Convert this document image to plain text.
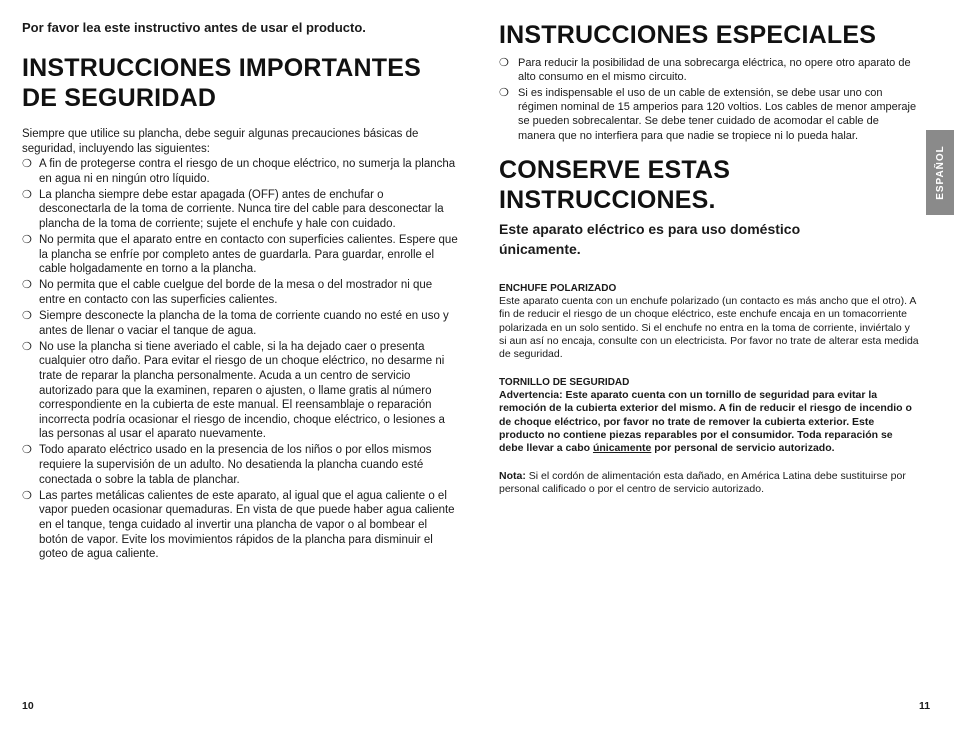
Por favor lea este instructivo antes de usar el producto.

INSTRUCCIONES IMPORTANTES
DE SEGURIDAD

Siempre que utilice su plancha, debe seguir algunas precauciones básicas de seguridad, incluyendo las siguientes:

❍ A fin de protegerse contra el riesgo de un choque eléctrico, no sumerja la plancha en agua ni en ningún otro líquido.
❍ La plancha siempre debe estar apagada (OFF) antes de enchufar o desconectarla de la toma de corriente. Nunca tire del cable para desconectar la plancha de la toma de corriente; sujete el enchufe y hale con cuidado.
❍ No permita que el aparato entre en contacto con superficies calientes. Espere que la plancha se enfríe por completo antes de guardarla. Para guardar, enrolle el cable holgadamente en torno a la plancha.
❍ No permita que el cable cuelgue del borde de la mesa o del mostrador ni que entre en contacto con las superficies calientes.
❍ Siempre desconecte la plancha de la toma de corriente cuando no esté en uso y antes de llenar o vaciar el tanque de agua.
❍ No use la plancha si tiene averiado el cable, si la ha dejado caer o presenta cualquier otro daño. Para evitar el riesgo de un choque eléctrico, no desarme ni trate de reparar la plancha personalmente. Acuda a un centro de servicio autorizado para que la examinen, reparen o ajusten, o llame gratis al número correspondiente en la cubierta de este manual. El reensamblaje o reparación incorrecta podría ocasionar el riesgo de incendio, choque eléctrico, o lesiones a las personas al usar el aparato nuevamente.
❍ Todo aparato eléctrico usado en la presencia de los niños o por ellos mismos requiere la supervisión de un adulto. No desatienda la plancha cuando esté conectada o sobre la tabla de planchar.
❍ Las partes metálicas calientes de este aparato, al igual que el agua caliente o el vapor pueden ocasionar quemaduras. En vista de que puede haber agua caliente en el tanque, tenga cuidado al invertir una plancha de vapor o al bombear el botón de vapor. Evite los movimientos rápidos de la plancha para disminuir el goteo de agua caliente.
INSTRUCCIONES ESPECIALES
❍ Para reducir la posibilidad de una sobrecarga eléctrica, no opere otro aparato de alto consumo en el mismo circuito.
❍ Si es indispensable el uso de un cable de extensión, se debe usar uno con régimen nominal de 15 amperios para 120 voltios. Los cables de menor amperaje se pueden sobrecalentar. Se debe tener cuidado de acomodar el cable de manera que no interfiera para que nadie se tropiece ni lo pueda halar.
CONSERVE ESTAS INSTRUCCIONES.

Este aparato eléctrico es para uso doméstico
únicamente.

ENCHUFE POLARIZADO

Este aparato cuenta con un enchufe polarizado (un contacto es más ancho que el otro). A fin de reducir el riesgo de un choque eléctrico, este enchufe encaja en un tomacorriente polarizada en un solo sentido. Si el enchufe no entra en la toma de corriente, inviértalo y si aun así no encaja, consulte con un electricista. Por favor no trate de alterar esta medida de seguridad.

TORNILLO DE SEGURIDAD

Advertencia: Este aparato cuenta con un tornillo de seguridad para evitar la remoción de la cubierta exterior del mismo. A fin de reducir el riesgo de incendio o de choque eléctrico, por favor no trate de remover la cubierta exterior. Este producto no contiene piezas reparables por el consumidor. Toda reparación se debe llevar a cabo únicamente por personal de servicio autorizado.

Nota: Si el cordón de alimentación esta dañado, en América Latina debe sustituirse por personal calificado o por el centro de servicio autorizado.

ESPAÑOL
10	11
